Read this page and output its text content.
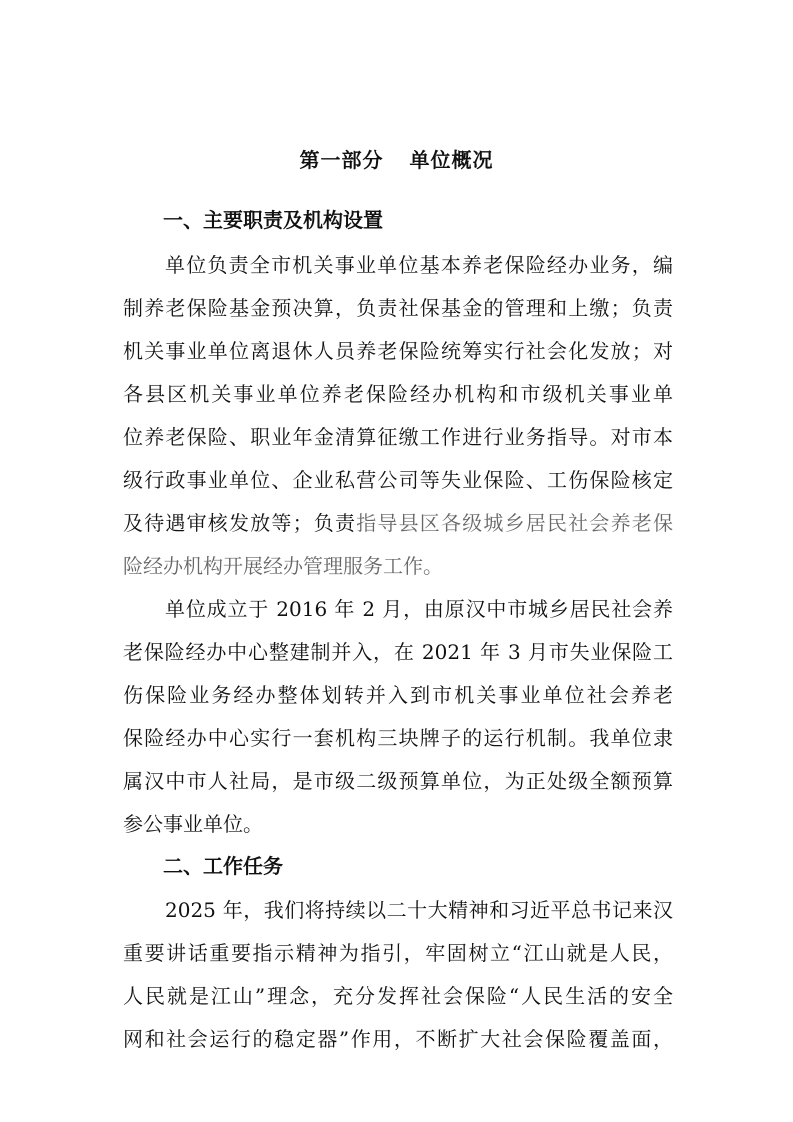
第一部分 单位概况
一、主要职责及机构设置
单位负责全市机关事业单位基本养老保险经办业务，编
制养老保险基金预决算，负责社保基金的管理和上缴；负责
机关事业单位离退休人员养老保险统筹实行社会化发放；对
各县区机关事业单位养老保险经办机构和市级机关事业单
位养老保险、职业年金清算征缴工作进行业务指导。对市本
级行政事业单位、企业私营公司等失业保险、工伤保险核定
及待遇审核发放等；负责指导县区各级城乡居民社会养老保
险经办机构开展经办管理服务工作。
单位成立于 2016 年 2 月，由原汉中市城乡居民社会养
老保险经办中心整建制并入，在 2021 年 3 月市失业保险工
伤保险业务经办整体划转并入到市机关事业单位社会养老
保险经办中心实行一套机构三块牌子的运行机制。我单位隶
属汉中市人社局，是市级二级预算单位，为正处级全额预算
参公事业单位。
二、工作任务
2025 年，我们将持续以二十大精神和习近平总书记来汉
重要讲话重要指示精神为指引，牢固树立“江山就是人民，
人民就是江山”理念，充分发挥社会保险“人民生活的安全
网和社会运行的稳定器”作用，不断扩大社会保险覆盖面，
